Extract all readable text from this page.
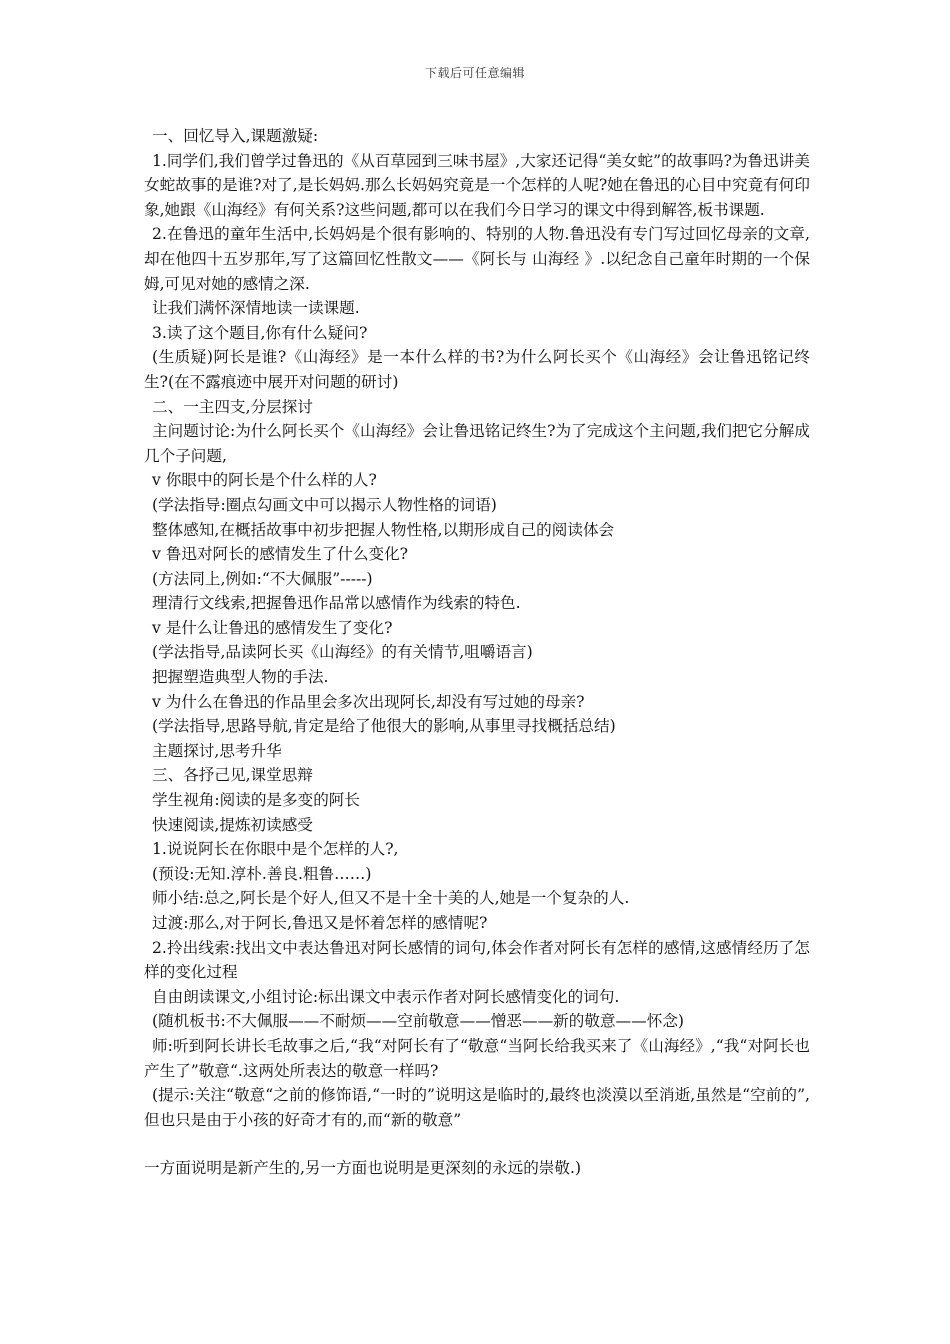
下载后可任意编辑

一、回忆导入,课题激疑:

1.同学们,我们曾学过鲁迅的《从百草园到三味书屋》,大家还记得“美女蛇”的故事吗?为鲁迅讲美女蛇故事的是谁?对了,是长妈妈.那么长妈妈究竟是一个怎样的人呢?她在鲁迅的心目中究竟有何印象,她跟《山海经》有何关系?这些问题,都可以在我们今日学习的课文中得到解答,板书课题.

2.在鲁迅的童年生活中,长妈妈是个很有影响的、特别的人物.鲁迅没有专门写过回忆母亲的文章,却在他四十五岁那年,写了这篇回忆性散文——《阿长与 山海经 》.以纪念自己童年时期的一个保姆,可见对她的感情之深.

让我们满怀深情地读一读课题.

3.读了这个题目,你有什么疑问?

(生质疑)阿长是谁?《山海经》是一本什么样的书?为什么阿长买个《山海经》会让鲁迅铭记终生?(在不露痕迹中展开对问题的研讨)

二、一主四支,分层探讨

主问题讨论:为什么阿长买个《山海经》会让鲁迅铭记终生?为了完成这个主问题,我们把它分解成几个子问题,

v 你眼中的阿长是个什么样的人?

(学法指导:圈点勾画文中可以揭示人物性格的词语)

整体感知,在概括故事中初步把握人物性格,以期形成自己的阅读体会

v 鲁迅对阿长的感情发生了什么变化?

(方法同上,例如:“不大佩服”-----)

理清行文线索,把握鲁迅作品常以感情作为线索的特色.

v 是什么让鲁迅的感情发生了变化?

(学法指导,品读阿长买《山海经》的有关情节,咀嚼语言)

把握塑造典型人物的手法.

v 为什么在鲁迅的作品里会多次出现阿长,却没有写过她的母亲?

(学法指导,思路导航,肯定是给了他很大的影响,从事里寻找概括总结)

主题探讨,思考升华

三、各抒己见,课堂思辩

学生视角:阅读的是多变的阿长

快速阅读,提炼初读感受

1.说说阿长在你眼中是个怎样的人?,

(预设:无知.淳朴.善良.粗鲁……)

师小结:总之,阿长是个好人,但又不是十全十美的人,她是一个复杂的人.

过渡:那么,对于阿长,鲁迅又是怀着怎样的感情呢?

2.拎出线索:找出文中表达鲁迅对阿长感情的词句,体会作者对阿长有怎样的感情,这感情经历了怎样的变化过程

自由朗读课文,小组讨论:标出课文中表示作者对阿长感情变化的词句.

(随机板书:不大佩服——不耐烦——空前敬意——憎恶——新的敬意——怀念)

师:听到阿长讲长毛故事之后,“我“对阿长有了“敬意“当阿长给我买来了《山海经》,“我“对阿长也产生了”敬意“.这两处所表达的敬意一样吗?

(提示:关注“敬意“之前的修饰语,“一时的”说明这是临时的,最终也淡漠以至消逝,虽然是“空前的”,但也只是由于小孩的好奇才有的,而“新的敬意”

一方面说明是新产生的,另一方面也说明是更深刻的永远的崇敬.)
